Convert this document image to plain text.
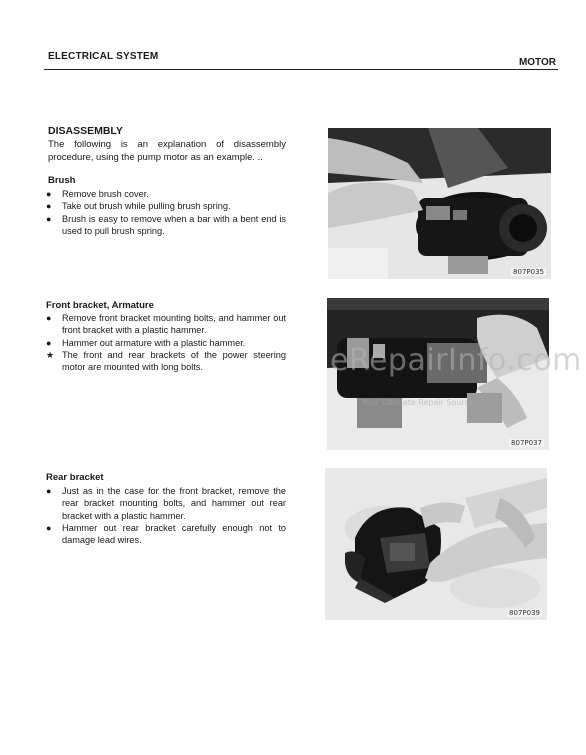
ELECTRICAL SYSTEM
MOTOR
DISASSEMBLY
The following is an explanation of disassembly procedure, using the pump motor as an example. ..
Brush
●	Remove brush cover.
●	Take out brush while pulling brush spring.
●	Brush is easy to remove when a bar with a bent end is used to pull brush spring.
807P035
Front bracket, Armature
●	Remove front bracket mounting bolts, and hammer out front bracket with a plastic hammer.
●	Hammer out armature with a plastic hammer.
★ The front and rear brackets of the power steering motor are mounted with long bolts.
807P037
Rear bracket
●	Just as in the case for the front bracket, remove the rear bracket mounting bolts, and hammer out rear bracket with a plastic hammer.
●	Hammer out rear bracket carefully enough not to damage lead wires.
807P039
eRepairInfo.com
Your Ultimate Repair Source
